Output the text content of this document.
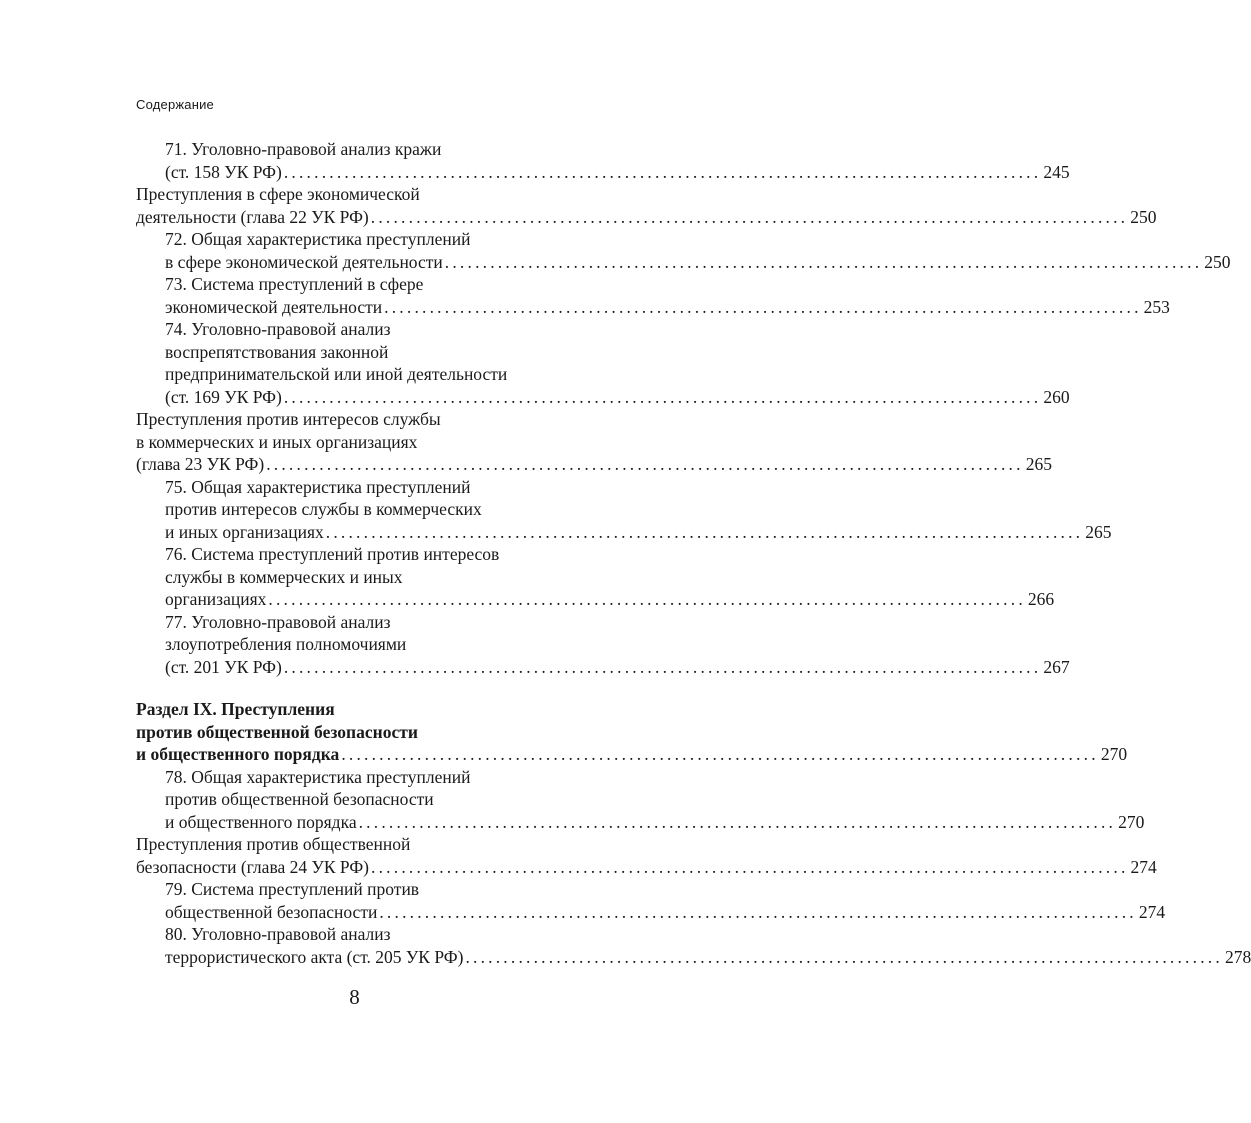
Содержание
71. Уголовно-правовой анализ кражи
(ст. 158 УК РФ) .................................................................................................... 245
Преступления в сфере экономической
деятельности (глава 22 УК РФ) .................................................................................................... 250
72. Общая характеристика преступлений
в сфере экономической деятельности .................................................................................................... 250
73. Система преступлений в сфере
экономической деятельности .................................................................................................... 253
74. Уголовно-правовой анализ
воспрепятствования законной
предпринимательской или иной деятельности
(ст. 169 УК РФ) .................................................................................................... 260
Преступления против интересов службы
в коммерческих и иных организациях
(глава 23 УК РФ) .................................................................................................... 265
75. Общая характеристика преступлений
против интересов службы в коммерческих
и иных организациях .................................................................................................... 265
76. Система преступлений против интересов
службы в коммерческих и иных
организациях .................................................................................................... 266
77. Уголовно-правовой анализ
злоупотребления полномочиями
(ст. 201 УК РФ) .................................................................................................... 267
Раздел IX. Преступления
против общественной безопасности
и общественного порядка .................................................................................................... 270
78. Общая характеристика преступлений
против общественной безопасности
и общественного порядка .................................................................................................... 270
Преступления против общественной
безопасности (глава 24 УК РФ) .................................................................................................... 274
79. Система преступлений против
общественной безопасности .................................................................................................... 274
80. Уголовно-правовой анализ
террористического акта (ст. 205 УК РФ) .................................................................................................... 278
8
